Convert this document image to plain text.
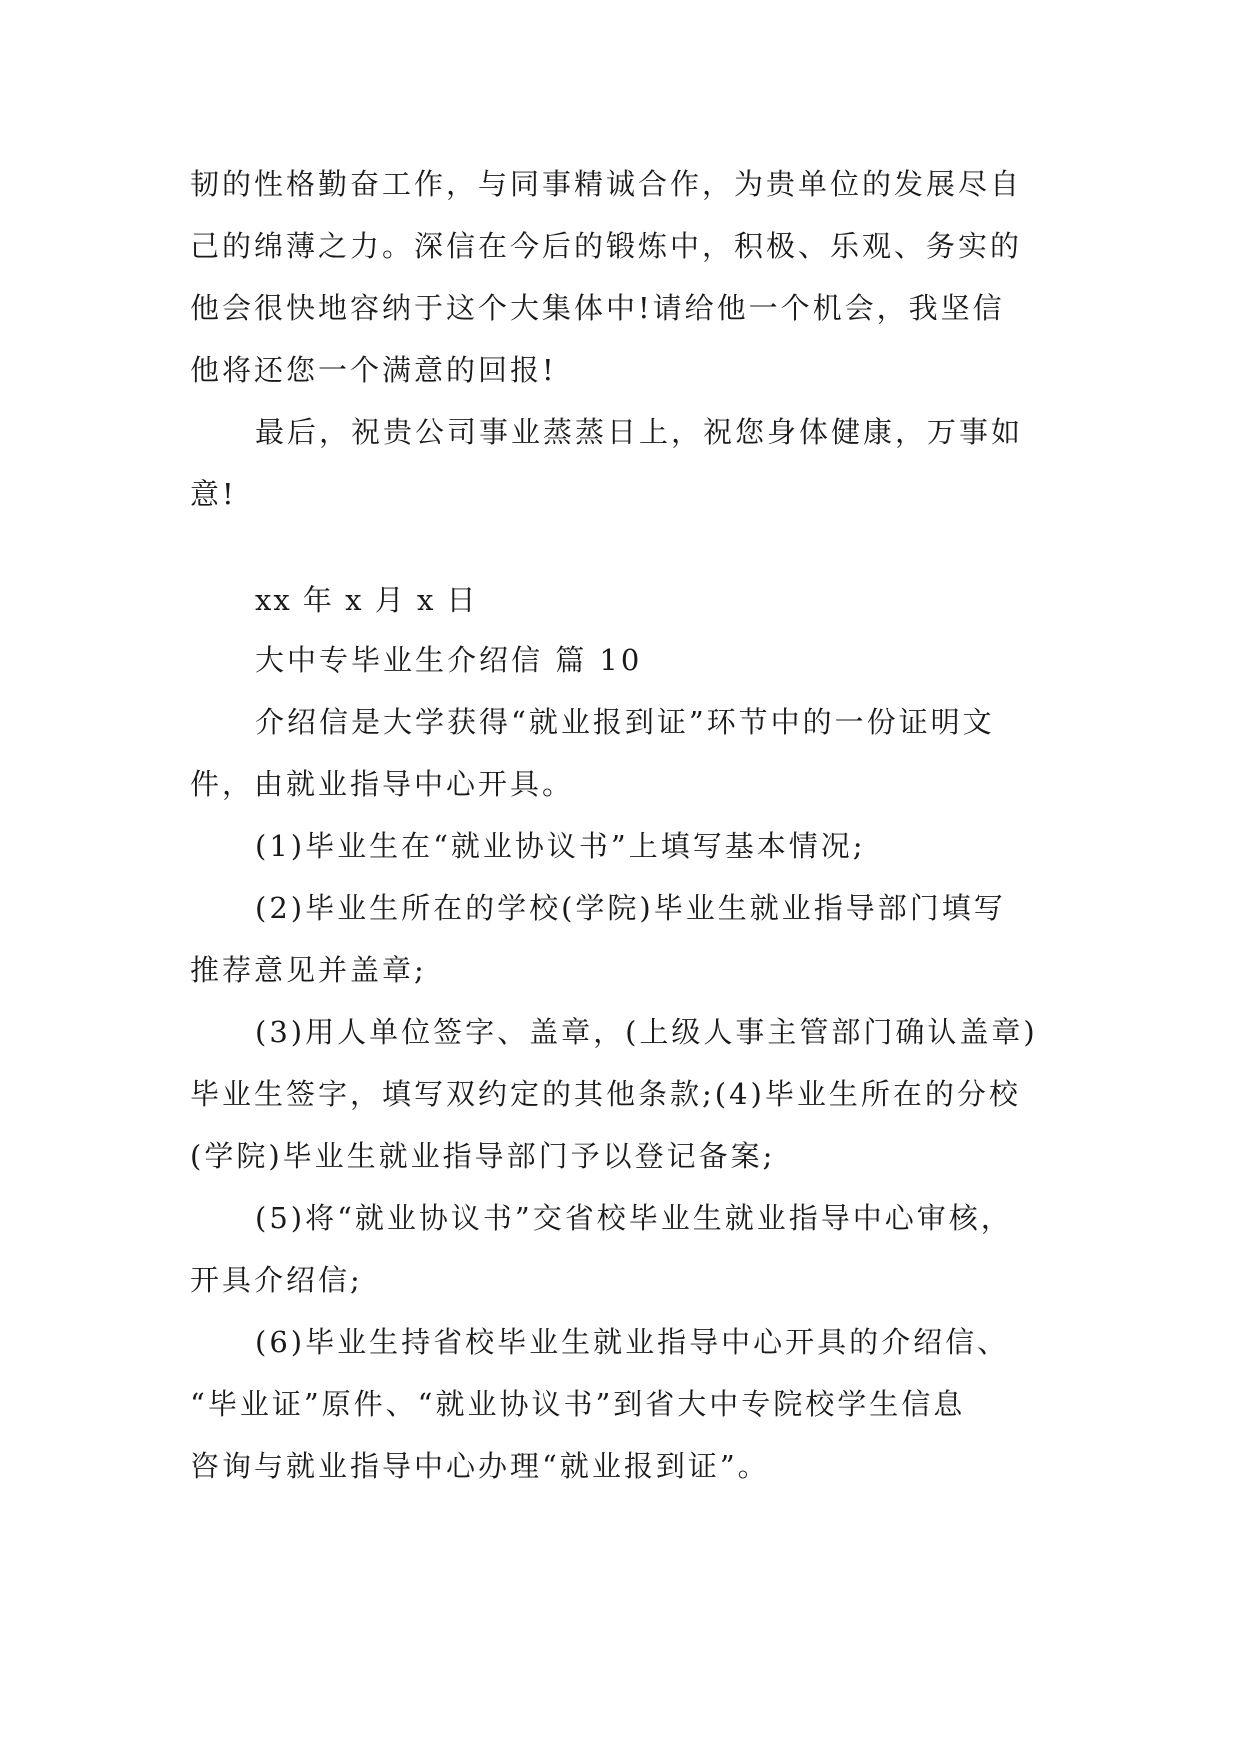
韧的性格勤奋工作，与同事精诚合作，为贵单位的发展尽自
己的绵薄之力。深信在今后的锻炼中，积极、乐观、务实的
他会很快地容纳于这个大集体中!请给他一个机会，我坚信
他将还您一个满意的回报!
最后，祝贵公司事业蒸蒸日上，祝您身体健康，万事如
意!
xx 年 x 月 x 日
大中专毕业生介绍信 篇 10
介绍信是大学获得“就业报到证”环节中的一份证明文
件，由就业指导中心开具。
(1)毕业生在“就业协议书”上填写基本情况;
(2)毕业生所在的学校(学院)毕业生就业指导部门填写
推荐意见并盖章;
(3)用人单位签字、盖章，(上级人事主管部门确认盖章)
毕业生签字，填写双约定的其他条款;(4)毕业生所在的分校
(学院)毕业生就业指导部门予以登记备案;
(5)将“就业协议书”交省校毕业生就业指导中心审核，
开具介绍信;
(6)毕业生持省校毕业生就业指导中心开具的介绍信、
“毕业证”原件、“就业协议书”到省大中专院校学生信息
咨询与就业指导中心办理“就业报到证”。
